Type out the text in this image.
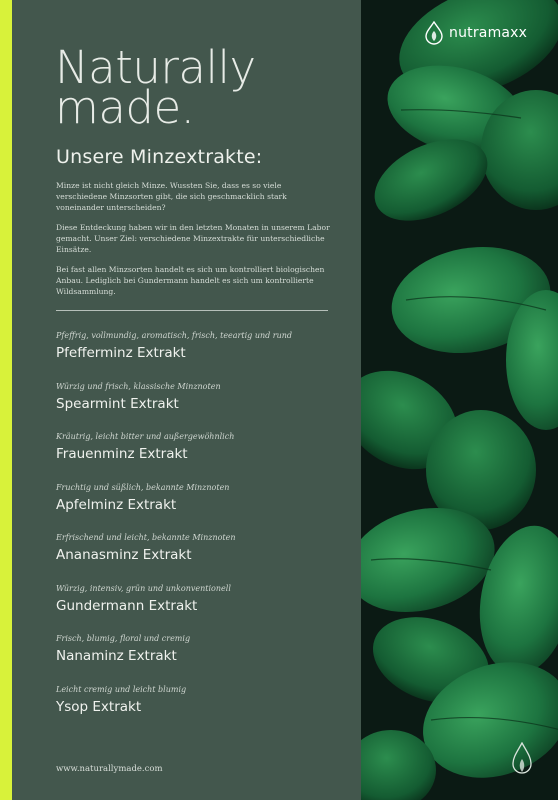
Naturally
made.
Unsere Minzextrakte:

Minze ist nicht gleich Minze. Wussten Sie, dass es so viele verschiedene Minzsorten gibt, die sich geschmacklich stark voneinander unterscheiden?

Diese Entdeckung haben wir in den letzten Monaten in unserem Labor gemacht. Unser Ziel: verschiedene Minzextrakte für unterschiedliche Einsätze.

Bei fast allen Minzsorten handelt es sich um kontrolliert biologischen Anbau. Lediglich bei Gundermann handelt es sich um kontrollierte Wildsammlung.

Pfeffrig, vollmundig, aromatisch, frisch, teeartig und rund
Pfefferminz Extrakt
Würzig und frisch, klassische Minznoten
Spearmint Extrakt
Kräutrig, leicht bitter und außergewöhnlich
Frauenminz Extrakt
Fruchtig und süßlich, bekannte Minznoten
Apfelminz Extrakt
Erfrischend und leicht, bekannte Minznoten
Ananasminz Extrakt
Würzig, intensiv, grün und unkonventionell
Gundermann Extrakt
Frisch, blumig, floral und cremig
Nanaminz Extrakt
Leicht cremig und leicht blumig
Ysop Extrakt
www.naturallymade.com
nutramaxx
